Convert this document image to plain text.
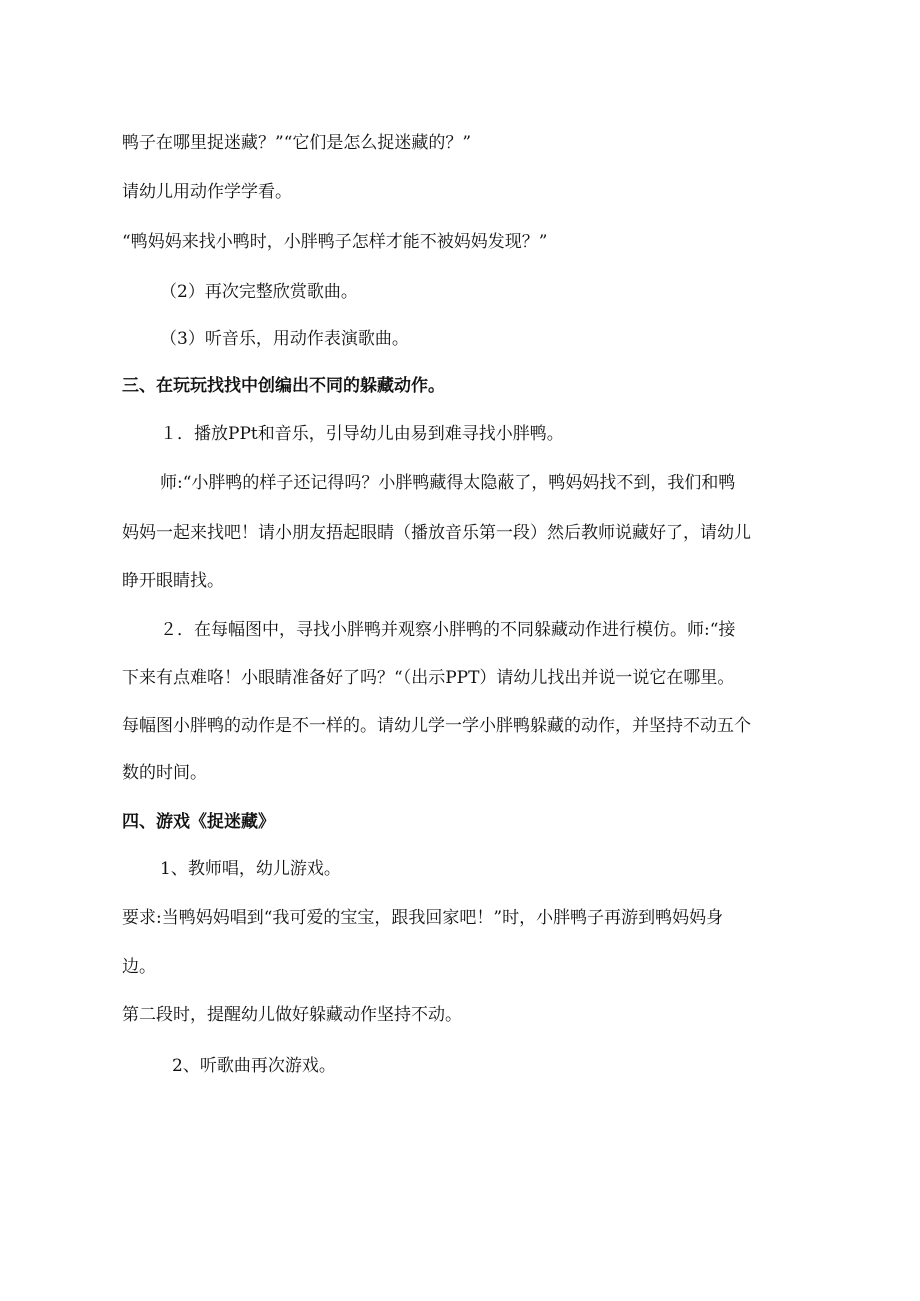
鸭子在哪里捉迷藏？”“它们是怎么捉迷藏的？”
请幼儿用动作学学看。
“鸭妈妈来找小鸭时，小胖鸭子怎样才能不被妈妈发现？”
（2）再次完整欣赏歌曲。
（3）听音乐，用动作表演歌曲。
三、在玩玩找找中创编出不同的躲藏动作。
１．播放PPt和音乐，引导幼儿由易到难寻找小胖鸭。
师:“小胖鸭的样子还记得吗？小胖鸭藏得太隐蔽了，鸭妈妈找不到，我们和鸭
妈妈一起来找吧！请小朋友捂起眼睛（播放音乐第一段）然后教师说藏好了，请幼儿
睁开眼睛找。
２．在每幅图中，寻找小胖鸭并观察小胖鸭的不同躲藏动作进行模仿。师:“接
下来有点难咯！小眼睛准备好了吗？“（出示PPT）请幼儿找出并说一说它在哪里。
每幅图小胖鸭的动作是不一样的。请幼儿学一学小胖鸭躲藏的动作，并坚持不动五个
数的时间。
四、游戏《捉迷藏》
1、教师唱，幼儿游戏。
要求:当鸭妈妈唱到“我可爱的宝宝，跟我回家吧！”时，小胖鸭子再游到鸭妈妈身
边。
第二段时，提醒幼儿做好躲藏动作坚持不动。
2、听歌曲再次游戏。
